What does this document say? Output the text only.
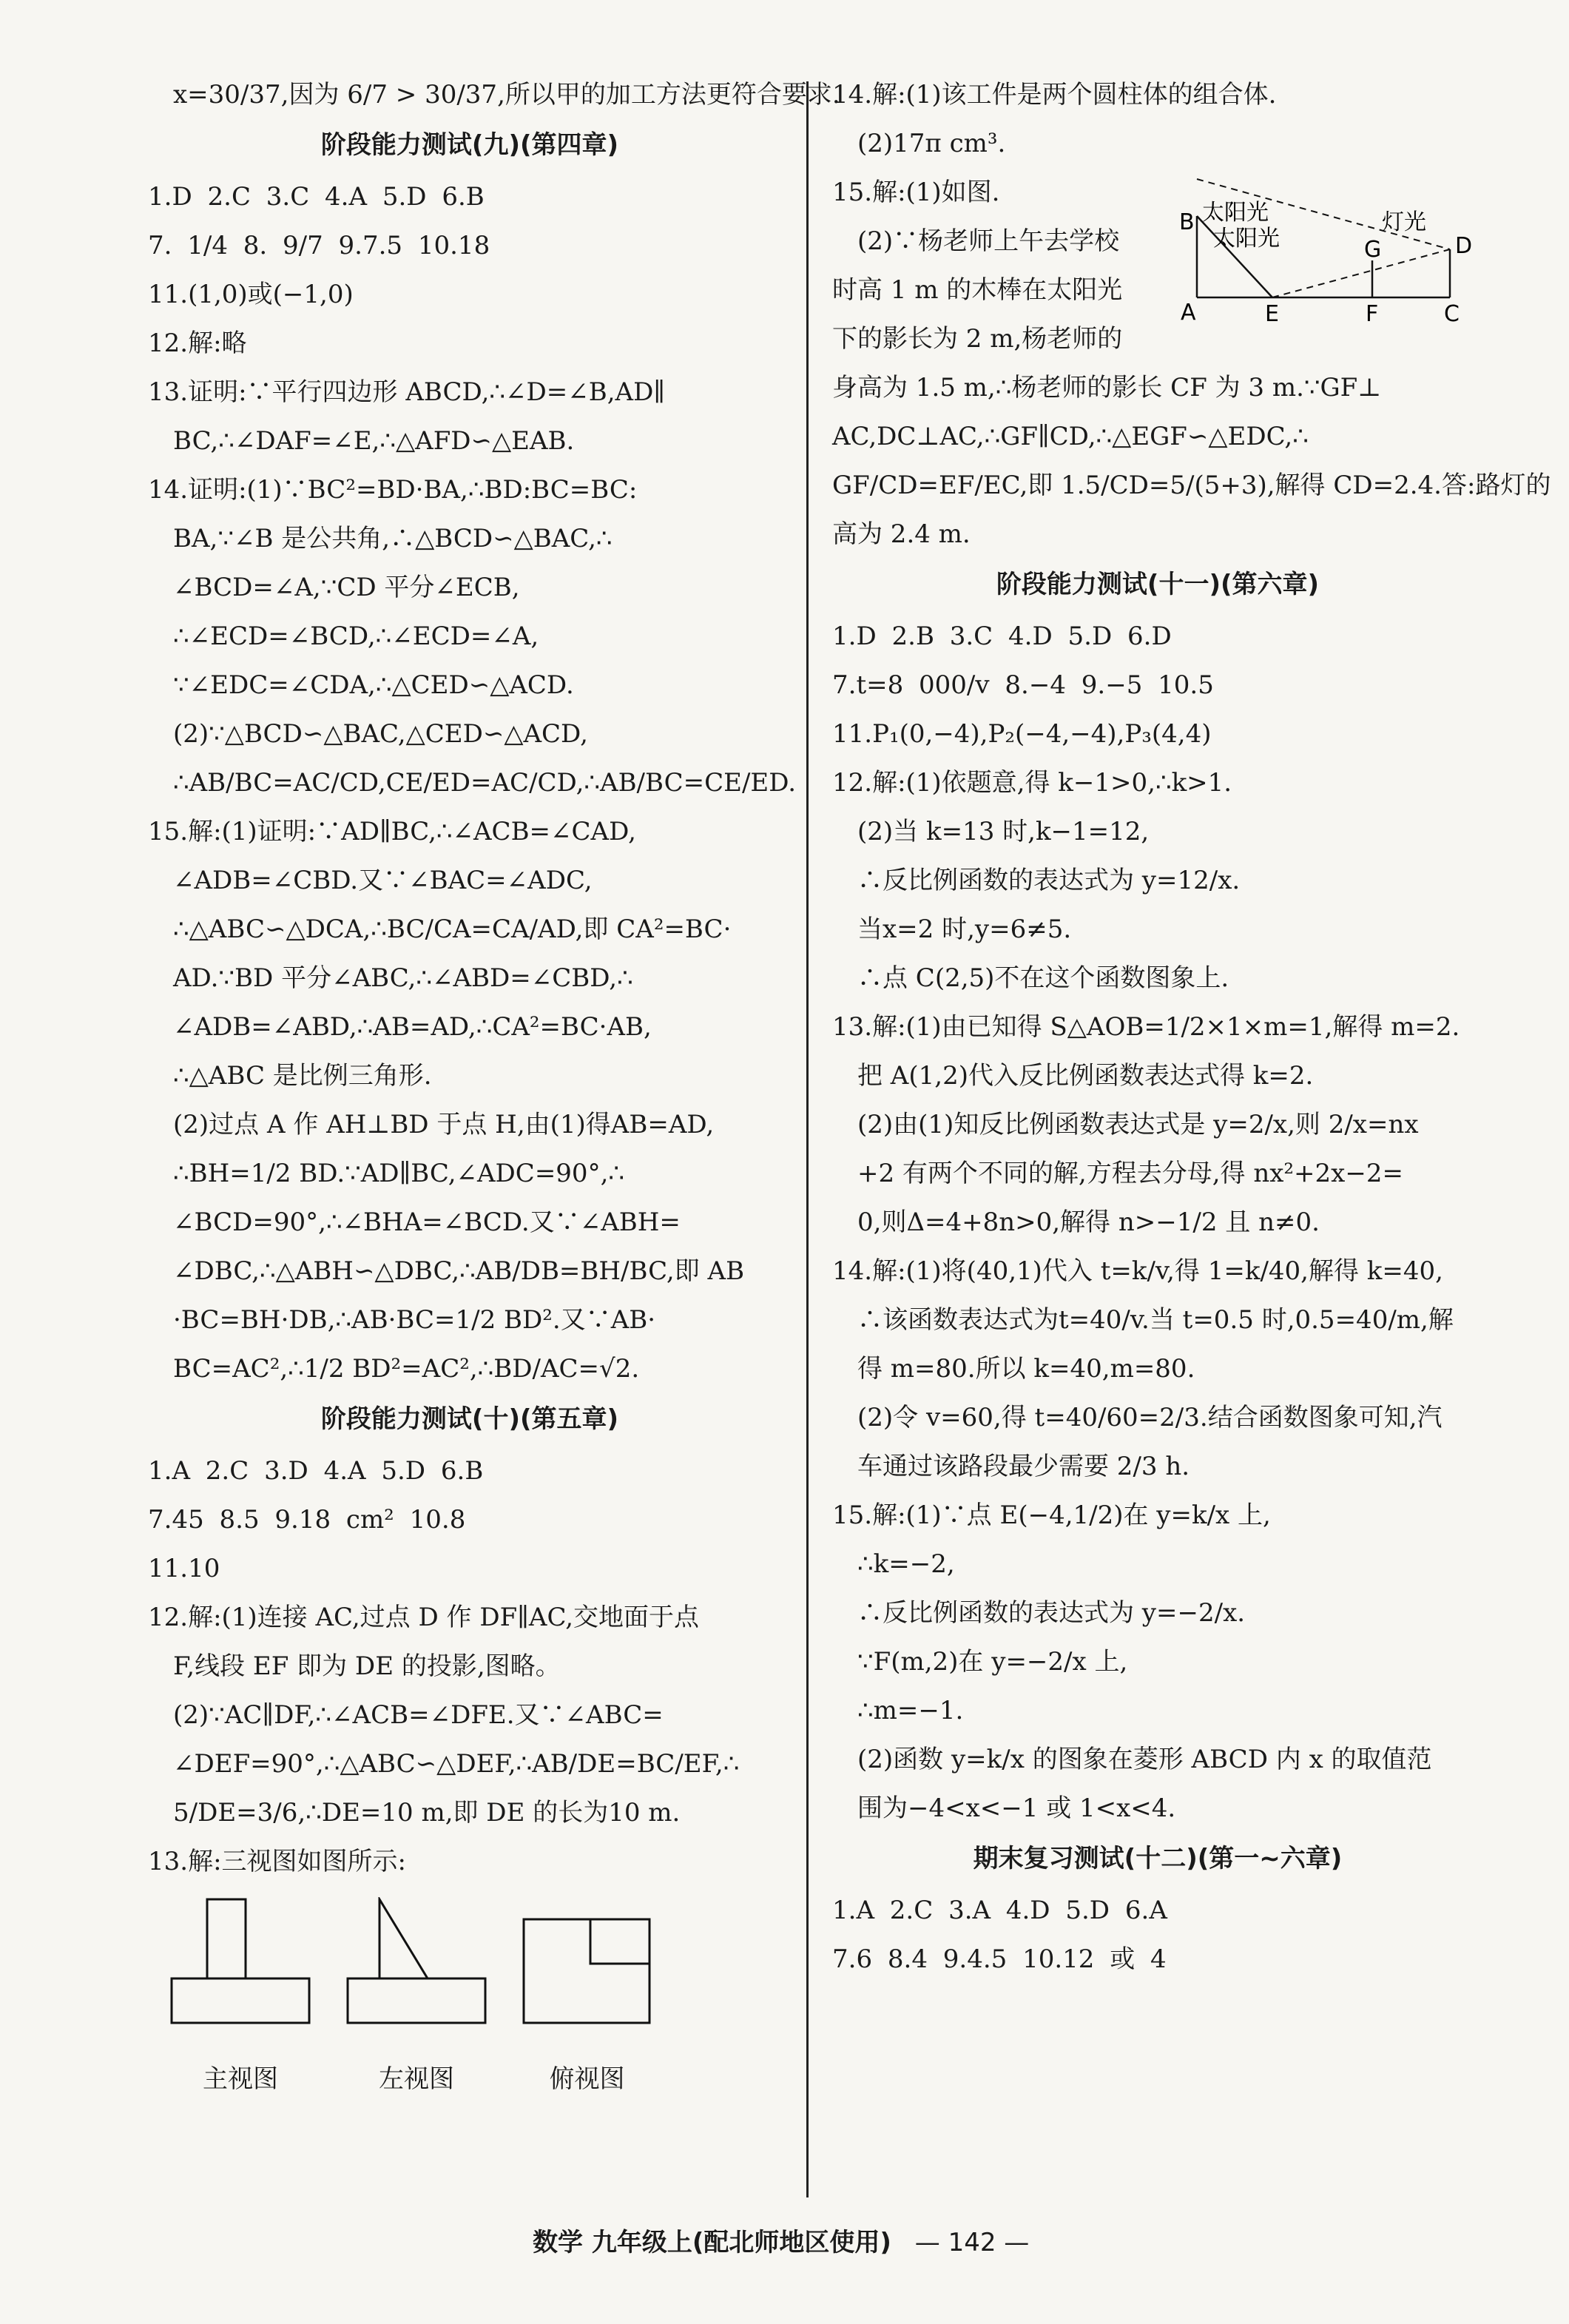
x=30/37,因为 6/7 > 30/37,所以甲的加工方法更符合要求.
阶段能力测试(九)(第四章)
1.D 2.C 3.C 4.A 5.D 6.B
7. 1/4 8. 9/7 9.7.5 10.18
11.(1,0)或(−1,0)
12.解:略
13.证明:∵平行四边形 ABCD,∴∠D=∠B,AD∥
BC,∴∠DAF=∠E,∴△AFD∽△EAB.
14.证明:(1)∵BC²=BD·BA,∴BD:BC=BC:
BA,∵∠B 是公共角,∴△BCD∽△BAC,∴
∠BCD=∠A,∵CD 平分∠ECB,
∴∠ECD=∠BCD,∴∠ECD=∠A,
∵∠EDC=∠CDA,∴△CED∽△ACD.
(2)∵△BCD∽△BAC,△CED∽△ACD,
∴AB/BC=AC/CD,CE/ED=AC/CD,∴AB/BC=CE/ED.
15.解:(1)证明:∵AD∥BC,∴∠ACB=∠CAD,
∠ADB=∠CBD.又∵∠BAC=∠ADC,
∴△ABC∽△DCA,∴BC/CA=CA/AD,即 CA²=BC·
AD.∵BD 平分∠ABC,∴∠ABD=∠CBD,∴
∠ADB=∠ABD,∴AB=AD,∴CA²=BC·AB,
∴△ABC 是比例三角形.
(2)过点 A 作 AH⊥BD 于点 H,由(1)得AB=AD,
∴BH=1/2 BD.∵AD∥BC,∠ADC=90°,∴
∠BCD=90°,∴∠BHA=∠BCD.又∵∠ABH=
∠DBC,∴△ABH∽△DBC,∴AB/DB=BH/BC,即 AB
·BC=BH·DB,∴AB·BC=1/2 BD².又∵AB·
BC=AC²,∴1/2 BD²=AC²,∴BD/AC=√2.
阶段能力测试(十)(第五章)
1.A 2.C 3.D 4.A 5.D 6.B
7.45 8.5 9.18 cm² 10.8
11.10
12.解:(1)连接 AC,过点 D 作 DF∥AC,交地面于点
F,线段 EF 即为 DE 的投影,图略。
(2)∵AC∥DF,∴∠ACB=∠DFE.又∵∠ABC=
∠DEF=90°,∴△ABC∽△DEF,∴AB/DE=BC/EF,∴
5/DE=3/6,∴DE=10 m,即 DE 的长为10 m.
13.解:三视图如图所示:
主视图	左视图	俯视图
14.解:(1)该工件是两个圆柱体的组合体.
(2)17π cm³.
15.解:(1)如图.
(2)∵杨老师上午去学校
时高 1 m 的木棒在太阳光
下的影长为 2 m,杨老师的
身高为 1.5 m,∴杨老师的影长 CF 为 3 m.∵GF⊥
AC,DC⊥AC,∴GF∥CD,∴△EGF∽△EDC,∴
GF/CD=EF/EC,即 1.5/CD=5/(5+3),解得 CD=2.4.答:路灯的
高为 2.4 m.
阶段能力测试(十一)(第六章)
1.D 2.B 3.C 4.D 5.D 6.D
7.t=8 000/v 8.−4 9.−5 10.5
11.P₁(0,−4),P₂(−4,−4),P₃(4,4)
12.解:(1)依题意,得 k−1>0,∴k>1.
(2)当 k=13 时,k−1=12,
∴反比例函数的表达式为 y=12/x.
当x=2 时,y=6≠5.
∴点 C(2,5)不在这个函数图象上.
13.解:(1)由已知得 S△AOB=1/2×1×m=1,解得 m=2.
把 A(1,2)代入反比例函数表达式得 k=2.
(2)由(1)知反比例函数表达式是 y=2/x,则 2/x=nx
+2 有两个不同的解,方程去分母,得 nx²+2x−2=
0,则Δ=4+8n>0,解得 n>−1/2 且 n≠0.
14.解:(1)将(40,1)代入 t=k/v,得 1=k/40,解得 k=40,
∴该函数表达式为t=40/v.当 t=0.5 时,0.5=40/m,解
得 m=80.所以 k=40,m=80.
(2)令 v=60,得 t=40/60=2/3.结合函数图象可知,汽
车通过该路段最少需要 2/3 h.
15.解:(1)∵点 E(−4,1/2)在 y=k/x 上,
∴k=−2,
∴反比例函数的表达式为 y=−2/x.
∵F(m,2)在 y=−2/x 上,
∴m=−1.
(2)函数 y=k/x 的图象在菱形 ABCD 内 x 的取值范
围为−4<x<−1 或 1<x<4.
期末复习测试(十二)(第一~六章)
1.A 2.C 3.A 4.D 5.D 6.A
7.6 8.4 9.4.5 10.12 或 4
B 太阳光
太阳光
灯光
D
G
A	E	F	C
数学 九年级上(配北师地区使用) — 142 —
